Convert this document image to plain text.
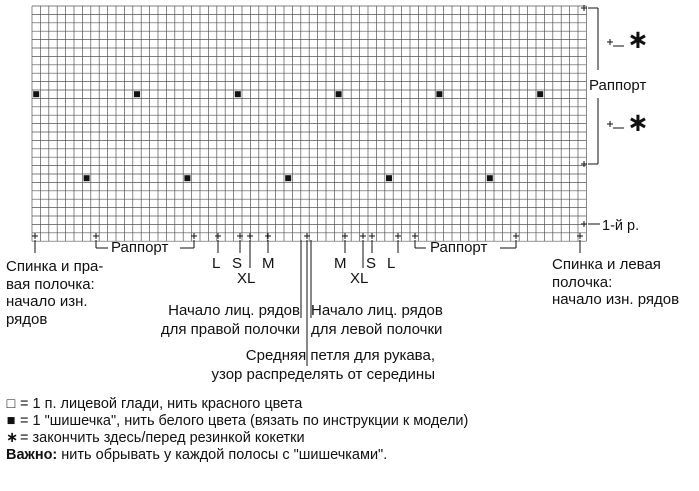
Раппорт
1-й р.
∗
∗
Раппорт	Раппорт
L S
XL
M	M
XL
S L
Спинка и пра-
вая полочка:
начало изн.
рядов
Спинка и левая
полочка:
начало изн. рядов
Начало лиц. рядов
для правой полочки
Начало лиц. рядов
для левой полочки
Средняя петля для рукава,
узор распределять от середины
□ = 1 п. лицевой глади, нить красного цвета
■ = 1 "шишечка", нить белого цвета (вязать по инструкции к модели)
∗ = закончить здесь/перед резинкой кокетки
Важно: нить обрывать у каждой полосы с "шишечками".
